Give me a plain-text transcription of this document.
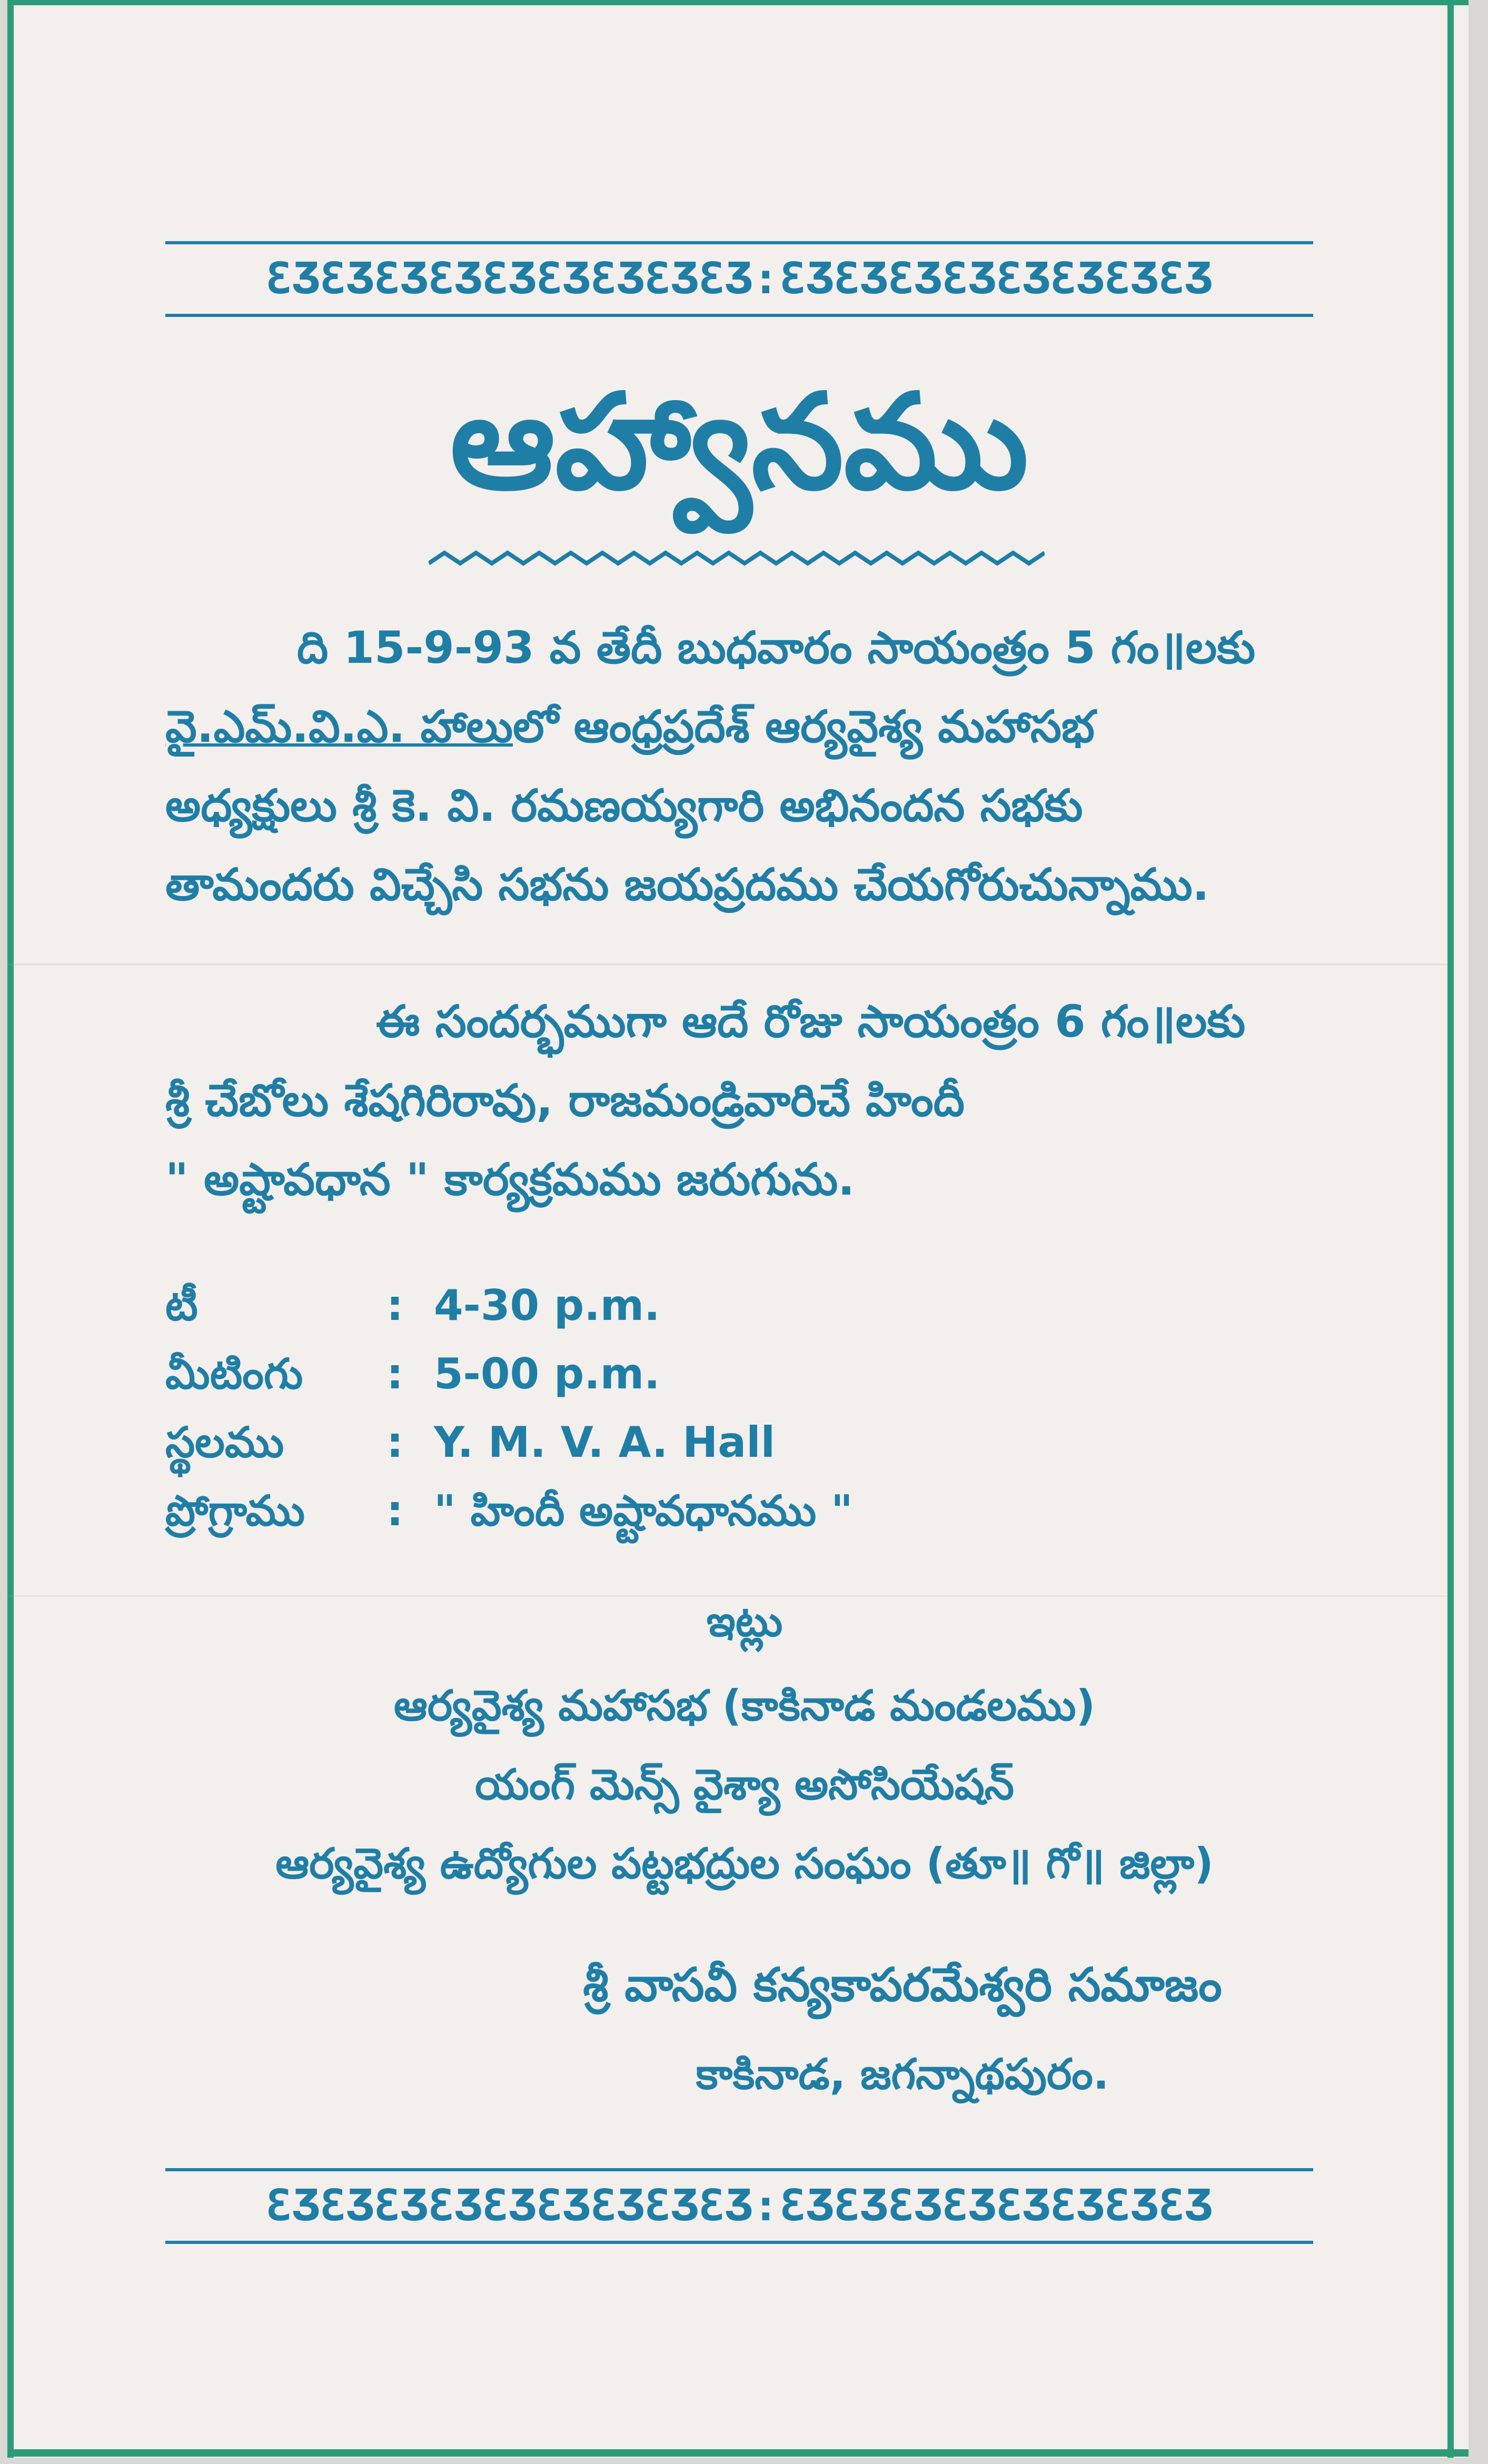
ƐƷƐƷƐƷƐƷƐƷƐƷƐƷƐƷƐƷ:ƐƷƐƷƐƷƐƷƐƷƐƷƐƷƐƷ
ఆహ్వానము
ది 15-9-93 వ తేదీ బుధవారం సాయంత్రం 5 గం॥లకు
వై.ఎమ్.వి.ఎ. హాలులో ఆంధ్రప్రదేశ్ ఆర్యవైశ్య మహాసభ
అధ్యక్షులు శ్రీ కె. వి. రమణయ్యగారి అభినందన సభకు
తామందరు విచ్చేసి సభను జయప్రదము చేయగోరుచున్నాము.
ఈ సందర్భముగా ఆదే రోజు సాయంత్రం 6 గం॥లకు
శ్రీ చేబోలు శేషగిరిరావు, రాజమండ్రివారిచే హిందీ
" అష్టావధాన " కార్యక్రమము జరుగును.
టీ	: 4-30 p.m.
మీటింగు : 5-00 p.m.
స్థలము : Y. M. V. A. Hall
ప్రోగ్రాము : " హిందీ అష్టావధానము "
ఇట్లు
ఆర్యవైశ్య మహాసభ (కాకినాడ మండలము)
యంగ్ మెన్స్ వైశ్యా అసోసియేషన్
ఆర్యవైశ్య ఉద్యోగుల పట్టభద్రుల సంఘం (తూ॥ గో॥ జిల్లా)
శ్రీ వాసవీ కన్యకాపరమేశ్వరి సమాజం
కాకినాడ, జగన్నాథపురం.
ƐƷƐƷƐƷƐƷƐƷƐƷƐƷƐƷƐƷ:ƐƷƐƷƐƷƐƷƐƷƐƷƐƷƐƷ
